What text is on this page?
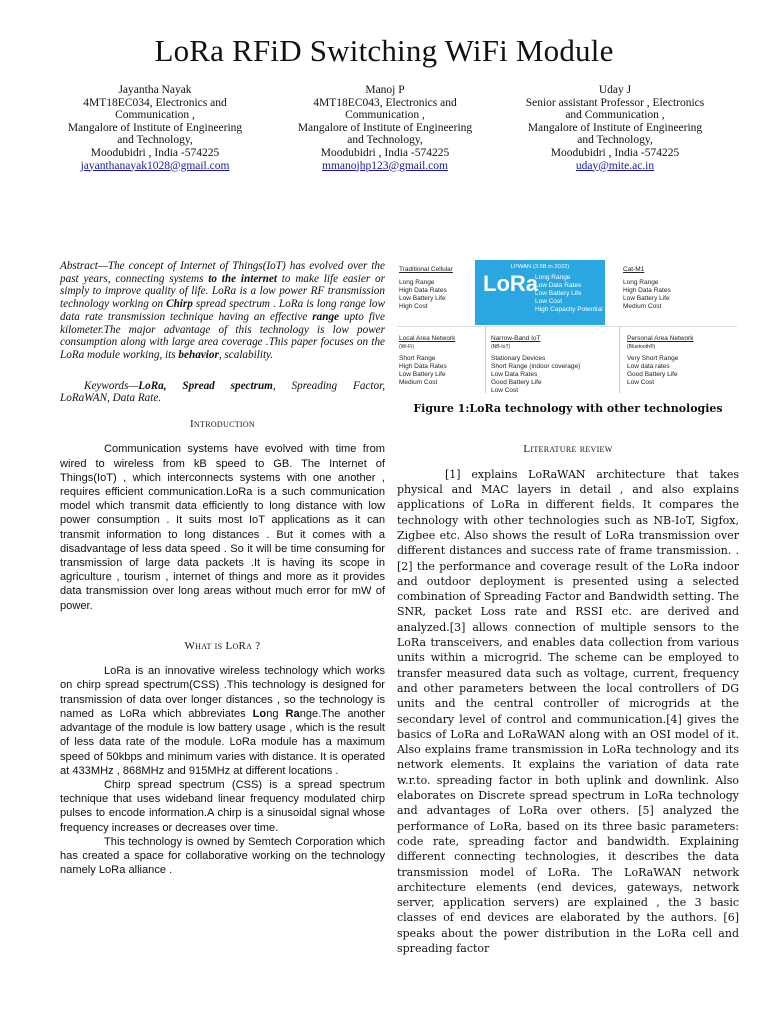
LoRa RFiD Switching WiFi Module
Jayantha Nayak
4MT18EC034, Electronics and
Communication ,
Mangalore of Institute of Engineering
and Technology,
Moodubidri , India -574225
jayanthanayak1028@gmail.com
Manoj P
4MT18EC043, Electronics and
Communication ,
Mangalore of Institute of Engineering
and Technology,
Moodubidri , India -574225
mmanojhp123@gmail.com
Uday J
Senior assistant Professor , Electronics
and Communication ,
Mangalore of Institute of Engineering
and Technology,
Moodubidri , India -574225
uday@mite.ac.in

Abstract—The concept of Internet of Things(IoT) has evolved over the past years, connecting systems to the internet to make life easier or simply to improve quality of life. LoRa is a low power RF transmission technology working on Chirp spread spectrum . LoRa is long range low data rate transmission technique having an effective range upto five kilometer.The major advantage of this technology is low power consumption along with large area coverage .This paper focuses on the LoRa module working, its behavior, scalability.

Keywords—LoRa, Spread spectrum, Spreading Factor, LoRaWAN, Data Rate.

Introduction

Communication systems have evolved with time from wired to wireless from kB speed to GB. The Internet of Things(IoT) , which interconnects systems with one another , requires efficient communication.LoRa is a such communication model which transmit data efficiently to long distance with low power consumption . It suits most IoT applications as it can transmit information to long distances . But it comes with a disadvantage of less data speed . So it will be time consuming for transmission of large data packets .It is having its scope in agriculture , tourism , internet of things and more as it provides data transmission over long areas without much error for mW of power.

What is LoRa ?

LoRa is an innovative wireless technology which works on chirp spread spectrum(CSS) .This technology is designed for transmission of data over longer distances , so the technology is named as LoRa which abbreviates Long Range.The another advantage of the module is low battery usage , which is the result of less data rate of the module. LoRa module has a maximum speed of 50kbps and minimum varies with distance. It is operated at 433MHz , 868MHz and 915MHz at different locations .

Chirp spread spectrum (CSS) is a spread spectrum technique that uses wideband linear frequency modulated chirp pulses to encode information.A chirp is a sinusoidal signal whose frequency increases or decreases over time.

This technology is owned by Semtech Corporation which has created a space for collaborative working on the technology namely LoRa alliance .

Traditional Cellular
Long Range
High Data Rates
Low Battery Life
High Cost
LPWAN (3.5B in 2022)
LoRa
Long Range
Low Data Rates
Low Battery Life
Low Cost
High Capacity Potential
Cat-M1
Long Range
High Data Rates
Low Battery Life
Medium Cost
Local Area Network
(Wi-Fi)
Short Range
High Data Rates
Low Battery Life
Medium Cost
Narrow-Band IoT
(NB-IoT)
Stationary Devices
Short Range (indoor coverage)
Low Data Rates
Good Battery Life
Low Cost
Personal Area Network
(Bluetooth®)
Very Short Range
Low data rates
Good Battery Life
Low Cost
Figure 1:LoRa technology with other technologies
Literature review

[1] explains LoRaWAN architecture that takes physical and MAC layers in detail , and also explains applications of LoRa in different fields. It compares the technology with other technologies such as NB-IoT, Sigfox, Zigbee etc. Also shows the result of LoRa transmission over different distances and success rate of frame transmission. . [2] the performance and coverage result of the LoRa indoor and outdoor deployment is presented using a selected combination of Spreading Factor and Bandwidth setting. The SNR, packet Loss rate and RSSI etc. are derived and analyzed.[3] allows connection of multiple sensors to the LoRa transceivers, and enables data collection from various units within a microgrid. The scheme can be employed to transfer measured data such as voltage, current, frequency and other parameters between the local controllers of DG units and the central controller of microgrids at the secondary level of control and communication.[4] gives the basics of LoRa and LoRaWAN along with an OSI model of it. Also explains frame transmission in LoRa technology and its network elements. It explains the variation of data rate w.r.to. spreading factor in both uplink and downlink. Also elaborates on Discrete spread spectrum in LoRa technology and advantages of LoRa over others. [5] analyzed the performance of LoRa, based on its three basic parameters: code rate, spreading factor and bandwidth. Explaining different connecting technologies, it describes the data transmission model of LoRa. The LoRaWAN network architecture elements (end devices, gateways, network server, application servers) are explained , the 3 basic classes of end devices are elaborated by the authors. [6] speaks about the power distribution in the LoRa cell and spreading factor
